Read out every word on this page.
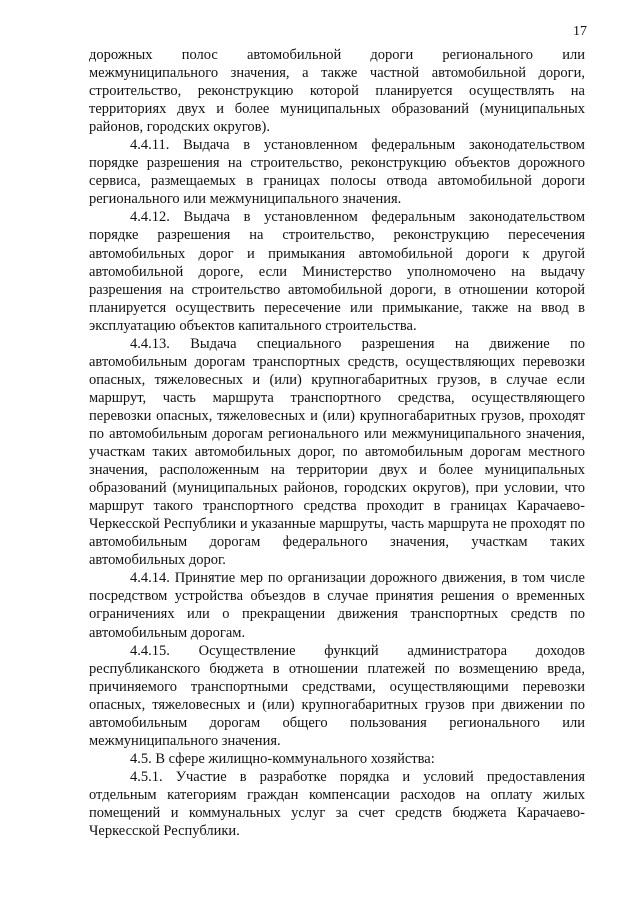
17

дорожных полос автомобильной дороги регионального или межмуниципального значения, а также частной автомобильной дороги, строительство, реконструкцию которой планируется осуществлять на территориях двух и более муниципальных образований (муниципальных районов, городских округов).

4.4.11. Выдача в установленном федеральным законодательством порядке разрешения на строительство, реконструкцию объектов дорожного сервиса, размещаемых в границах полосы отвода автомобильной дороги регионального или межмуниципального значения.

4.4.12. Выдача в установленном федеральным законодательством порядке разрешения на строительство, реконструкцию пересечения автомобильных дорог и примыкания автомобильной дороги к другой автомобильной дороге, если Министерство уполномочено на выдачу разрешения на строительство автомобильной дороги, в отношении которой планируется осуществить пересечение или примыкание, также на ввод в эксплуатацию объектов капитального строительства.

4.4.13. Выдача специального разрешения на движение по автомобильным дорогам транспортных средств, осуществляющих перевозки опасных, тяжеловесных и (или) крупногабаритных грузов, в случае если маршрут, часть маршрута транспортного средства, осуществляющего перевозки опасных, тяжеловесных и (или) крупногабаритных грузов, проходят по автомобильным дорогам регионального или межмуниципального значения, участкам таких автомобильных дорог, по автомобильным дорогам местного значения, расположенным на территории двух и более муниципальных образований (муниципальных районов, городских округов), при условии, что маршрут такого транспортного средства проходит в границах Карачаево-Черкесской Республики и указанные маршруты, часть маршрута не проходят по автомобильным дорогам федерального значения, участкам таких автомобильных дорог.

4.4.14. Принятие мер по организации дорожного движения, в том числе посредством устройства объездов в случае принятия решения о временных ограничениях или о прекращении движения транспортных средств по автомобильным дорогам.

4.4.15. Осуществление функций администратора доходов республиканского бюджета в отношении платежей по возмещению вреда, причиняемого транспортными средствами, осуществляющими перевозки опасных, тяжеловесных и (или) крупногабаритных грузов при движении по автомобильным дорогам общего пользования регионального или межмуниципального значения.

4.5. В сфере жилищно-коммунального хозяйства:

4.5.1. Участие в разработке порядка и условий предоставления отдельным категориям граждан компенсации расходов на оплату жилых помещений и коммунальных услуг за счет средств бюджета Карачаево-Черкесской Республики.
